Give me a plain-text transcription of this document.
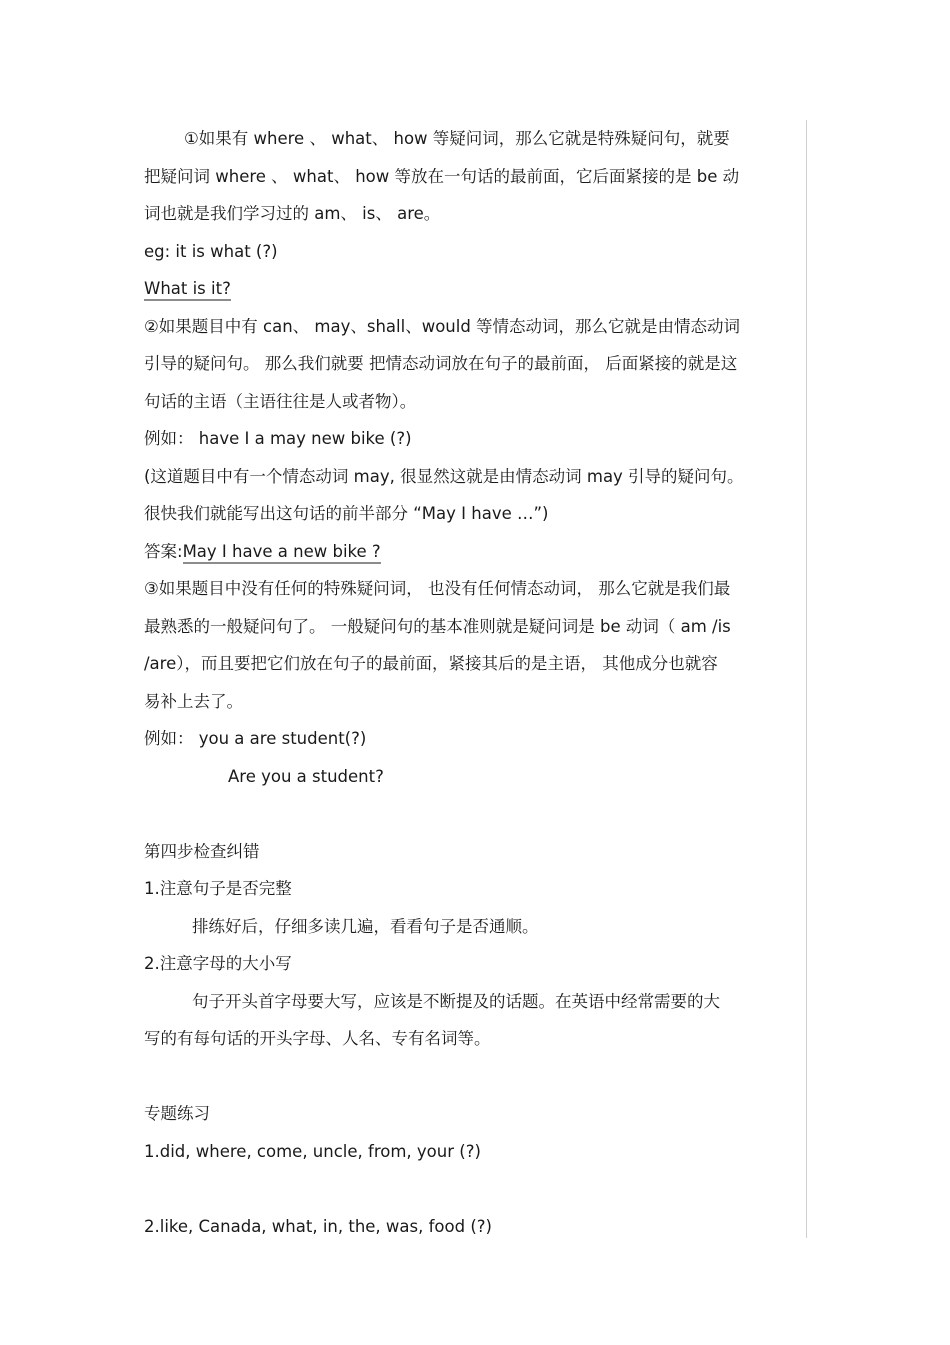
①如果有 where 、 what、 how 等疑问词，那么它就是特殊疑问句，就要
把疑问词 where 、 what、 how 等放在一句话的最前面，它后面紧接的是 be 动
词也就是我们学习过的 am、 is、 are。
eg: it is what (?)
What is it?
②如果题目中有 can、 may、shall、would 等情态动词，那么它就是由情态动词
引导的疑问句。 那么我们就要 把情态动词放在句子的最前面， 后面紧接的就是这
句话的主语（主语往往是人或者物）。
例如： have I a may new bike (?)
(这道题目中有一个情态动词 may, 很显然这就是由情态动词 may 引导的疑问句。
很快我们就能写出这句话的前半部分 “May I have …”)
答案:May I have a new bike ?
③如果题目中没有任何的特殊疑问词， 也没有任何情态动词， 那么它就是我们最
最熟悉的一般疑问句了。 一般疑问句的基本准则就是疑问词是 be 动词（ am /is
/are），而且要把它们放在句子的最前面，紧接其后的是主语， 其他成分也就容
易补上去了。
例如： you a are student(?)
Are you a student?
第四步检查纠错
1.注意句子是否完整
排练好后，仔细多读几遍，看看句子是否通顺。
2.注意字母的大小写
句子开头首字母要大写，应该是不断提及的话题。在英语中经常需要的大
写的有每句话的开头字母、人名、专有名词等。
专题练习
1.did, where, come, uncle, from, your (?)
2.like, Canada, what, in, the, was, food (?)
